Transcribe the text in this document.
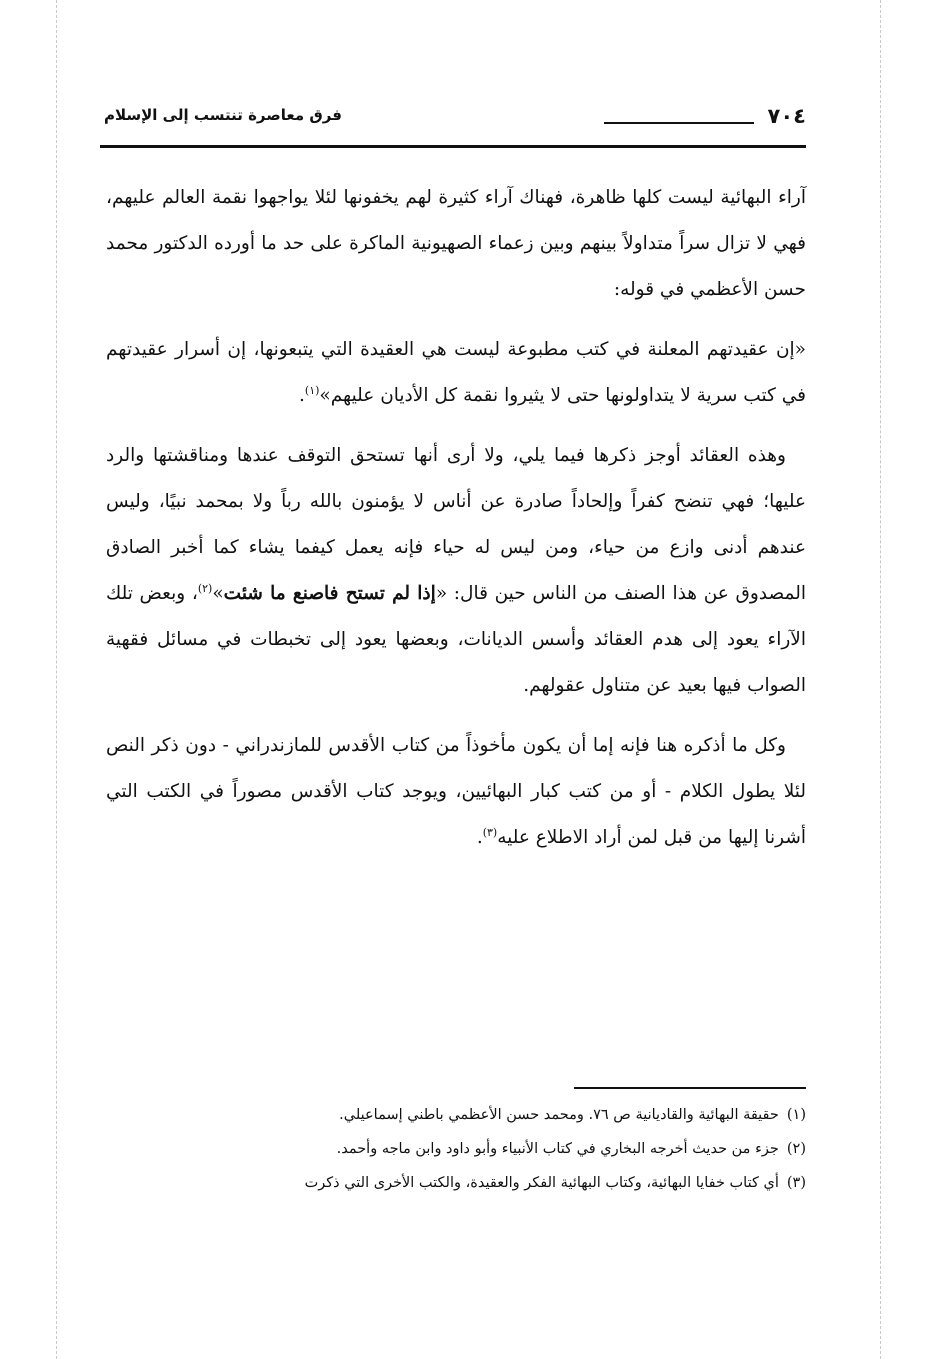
٧٠٤
فرق معاصرة تنتسب إلى الإسلام

آراء البهائية ليست كلها ظاهرة، فهناك آراء كثيرة لهم يخفونها لئلا يواجهوا نقمة العالم عليهم، فهي لا تزال سراً متداولاً بينهم وبين زعماء الصهيونية الماكرة على حد ما أورده الدكتور محمد حسن الأعظمي في قوله:

«إن عقيدتهم المعلنة في كتب مطبوعة ليست هي العقيدة التي يتبعونها، إن أسرار عقيدتهم في كتب سرية لا يتداولونها حتى لا يثيروا نقمة كل الأديان عليهم»$^{(١)}$.

وهذه العقائد أوجز ذكرها فيما يلي، ولا أرى أنها تستحق التوقف عندها ومناقشتها والرد عليها؛ فهي تنضح كفراً وإلحاداً صادرة عن أناس لا يؤمنون بالله رباً ولا بمحمد نبيًا، وليس عندهم أدنى وازع من حياء، ومن ليس له حياء فإنه يعمل كيفما يشاء كما أخبر الصادق المصدوق عن هذا الصنف من الناس حين قال: «إذا لم تستح فاصنع ما شئت»$^{(٢)}$، وبعض تلك الآراء يعود إلى هدم العقائد وأسس الديانات، وبعضها يعود إلى تخبطات في مسائل فقهية الصواب فيها بعيد عن متناول عقولهم.

وكل ما أذكره هنا فإنه إما أن يكون مأخوذاً من كتاب الأقدس للمازندراني - دون ذكر النص لئلا يطول الكلام - أو من كتب كبار البهائيين، ويوجد كتاب الأقدس مصوراً في الكتب التي أشرنا إليها من قبل لمن أراد الاطلاع عليه$^{(٣)}$.

(١)حقيقة البهائية والقاديانية ص ٧٦. ومحمد حسن الأعظمي باطني إسماعيلي.
(٢)جزء من حديث أخرجه البخاري في كتاب الأنبياء وأبو داود وابن ماجه وأحمد.
(٣)أي كتاب خفايا البهائية، وكتاب البهائية الفكر والعقيدة، والكتب الأخرى التي ذكرت
